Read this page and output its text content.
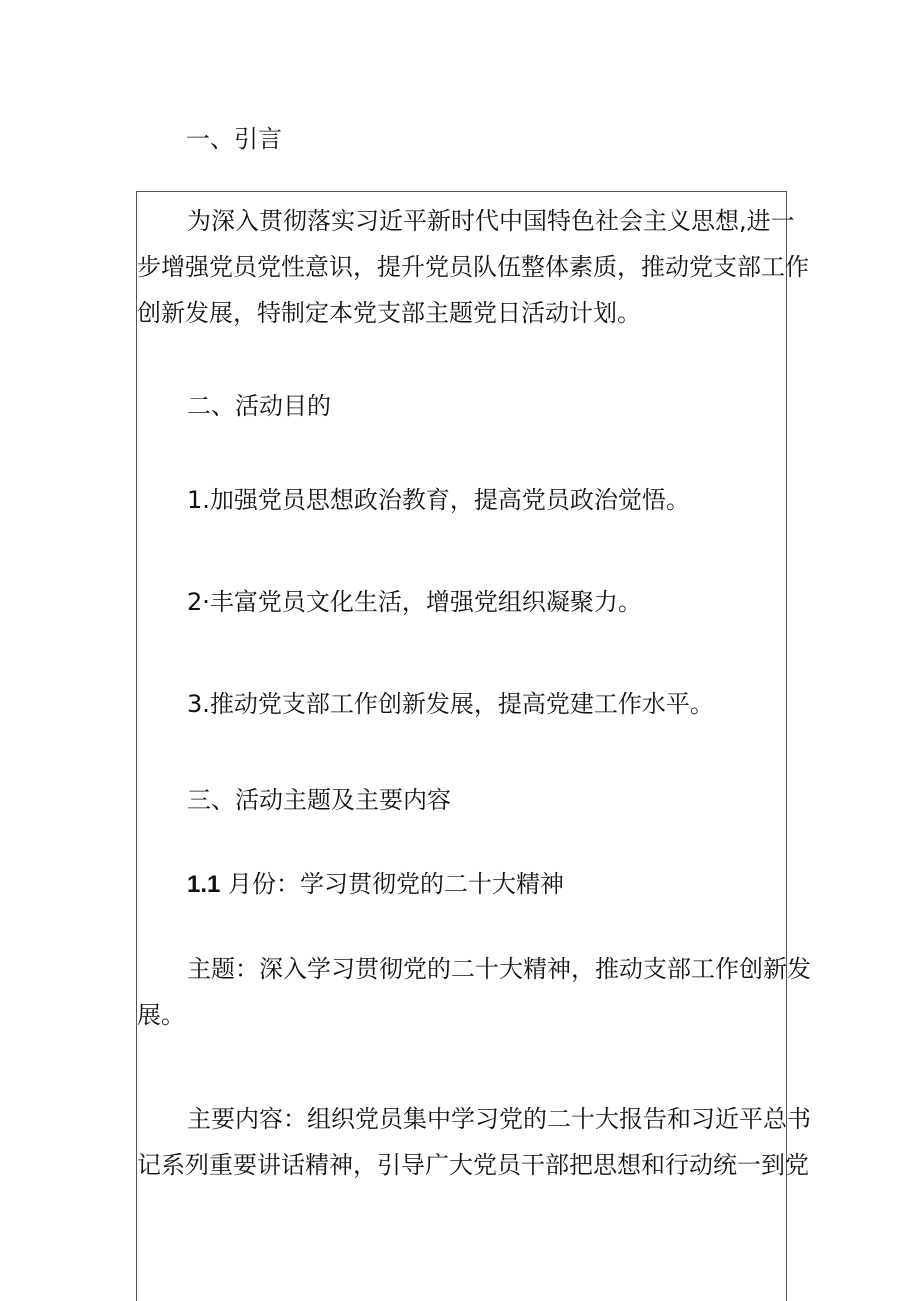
一、引言
为深入贯彻落实习近平新时代中国特色社会主义思想,进一
步增强党员党性意识，提升党员队伍整体素质，推动党支部工作
创新发展，特制定本党支部主题党日活动计划。
二、活动目的
1.加强党员思想政治教育，提高党员政治觉悟。
2·丰富党员文化生活，增强党组织凝聚力。
3.推动党支部工作创新发展，提高党建工作水平。
三、活动主题及主要内容
1.1 月份：学习贯彻党的二十大精神
主题：深入学习贯彻党的二十大精神，推动支部工作创新发
展。
主要内容：组织党员集中学习党的二十大报告和习近平总书
记系列重要讲话精神，引导广大党员干部把思想和行动统一到党
